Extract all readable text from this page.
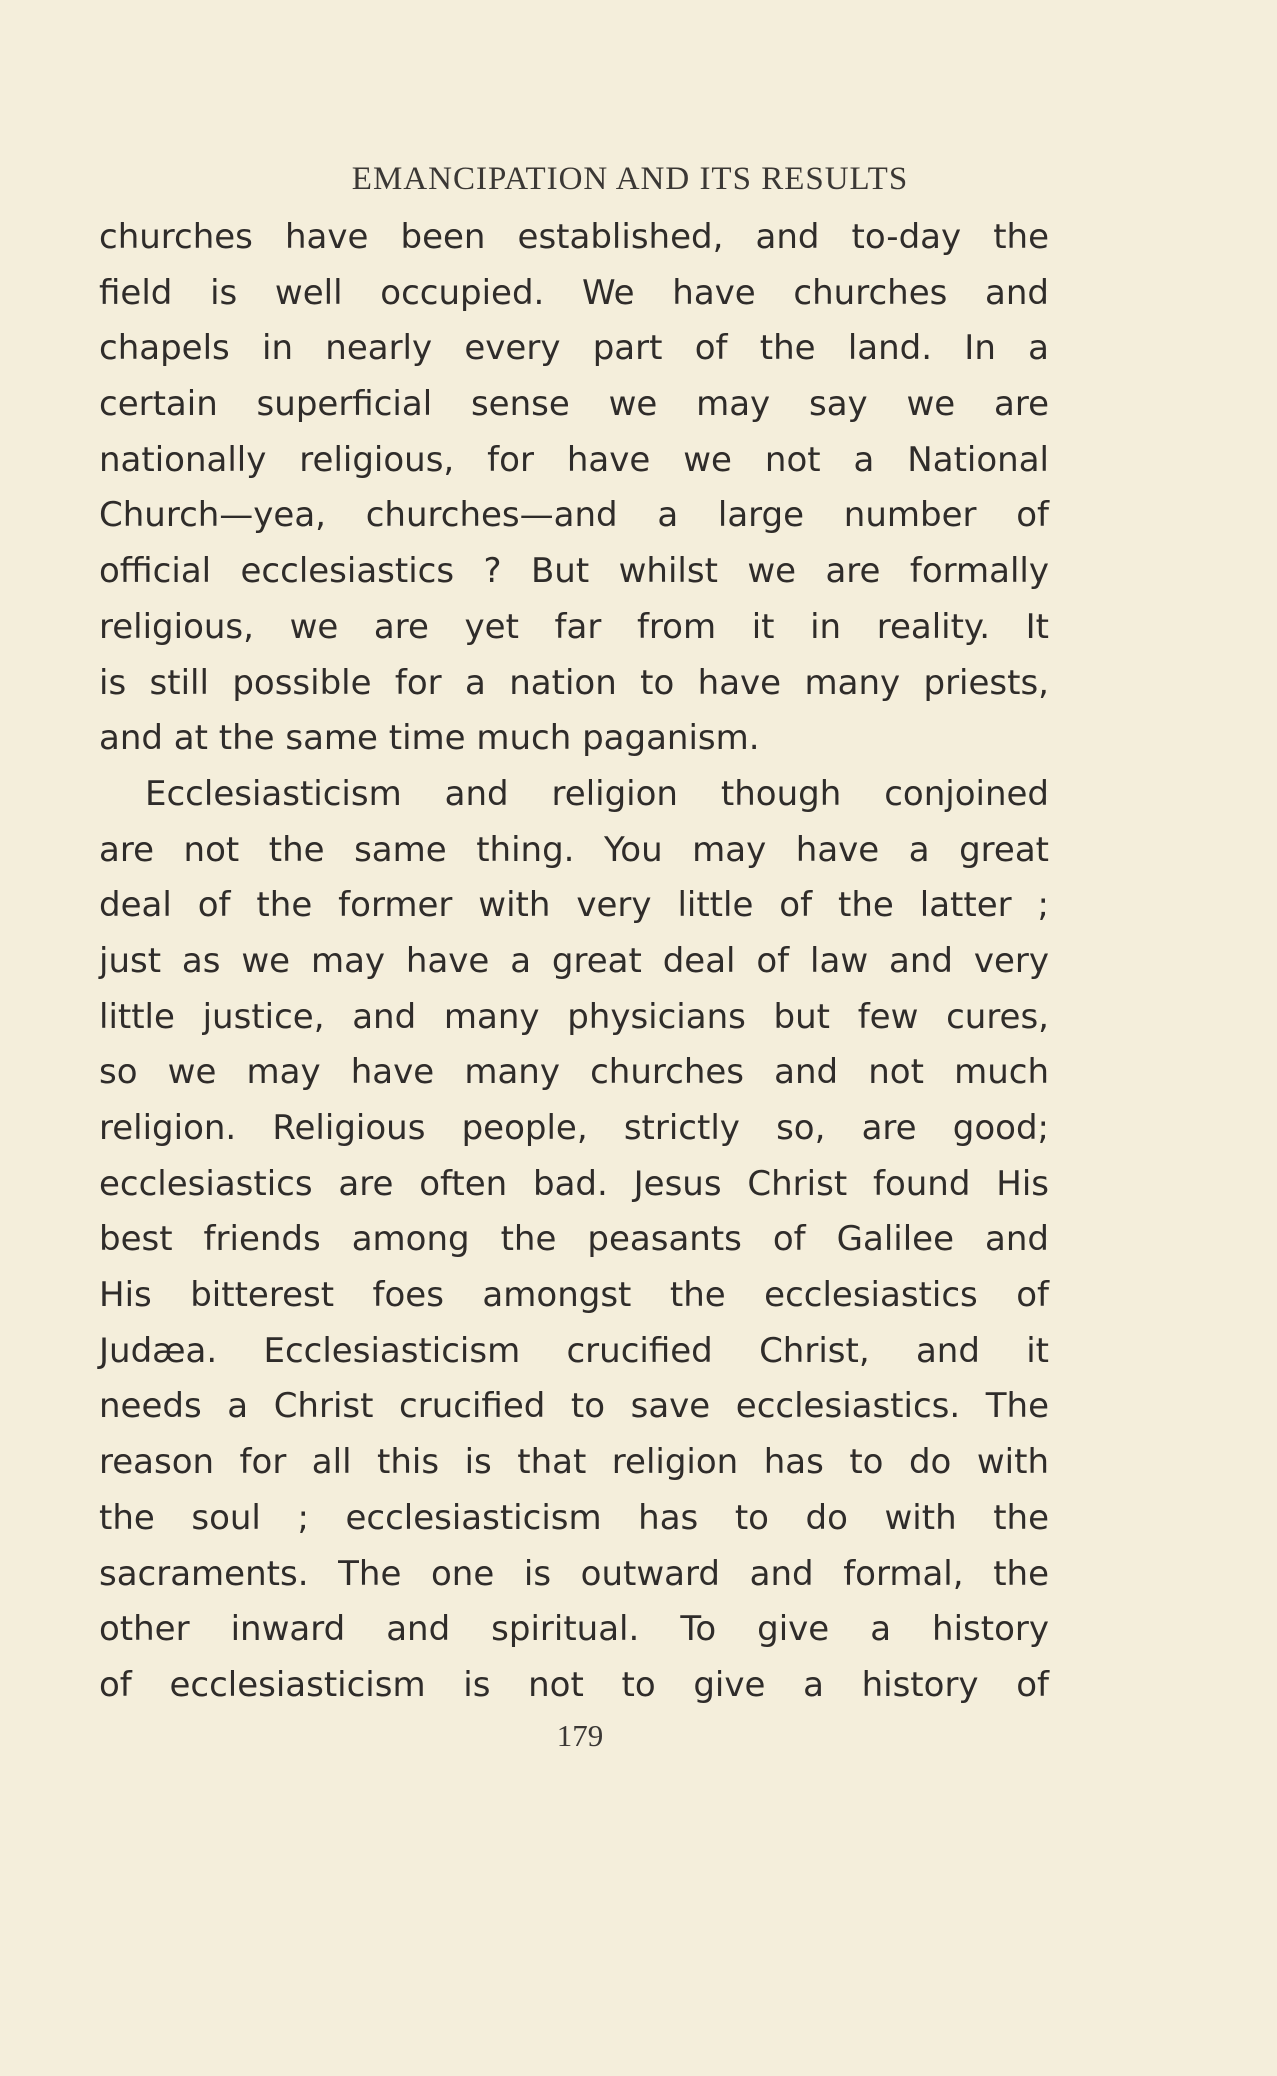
EMANCIPATION AND ITS RESULTS
churches have been established, and to-day the
field is well occupied. We have churches and
chapels in nearly every part of the land. In a
certain superficial sense we may say we are
nationally religious, for have we not a National
Church—yea, churches—and a large number of
official ecclesiastics ? But whilst we are formally
religious, we are yet far from it in reality. It
is still possible for a nation to have many priests,
and at the same time much paganism.
Ecclesiasticism and religion though conjoined
are not the same thing. You may have a great
deal of the former with very little of the latter ;
just as we may have a great deal of law and very
little justice, and many physicians but few cures,
so we may have many churches and not much
religion. Religious people, strictly so, are good;
ecclesiastics are often bad. Jesus Christ found His
best friends among the peasants of Galilee and
His bitterest foes amongst the ecclesiastics of
Judæa. Ecclesiasticism crucified Christ, and it
needs a Christ crucified to save ecclesiastics. The
reason for all this is that religion has to do with
the soul ; ecclesiasticism has to do with the
sacraments. The one is outward and formal, the
other inward and spiritual. To give a history
of ecclesiasticism is not to give a history of
179
